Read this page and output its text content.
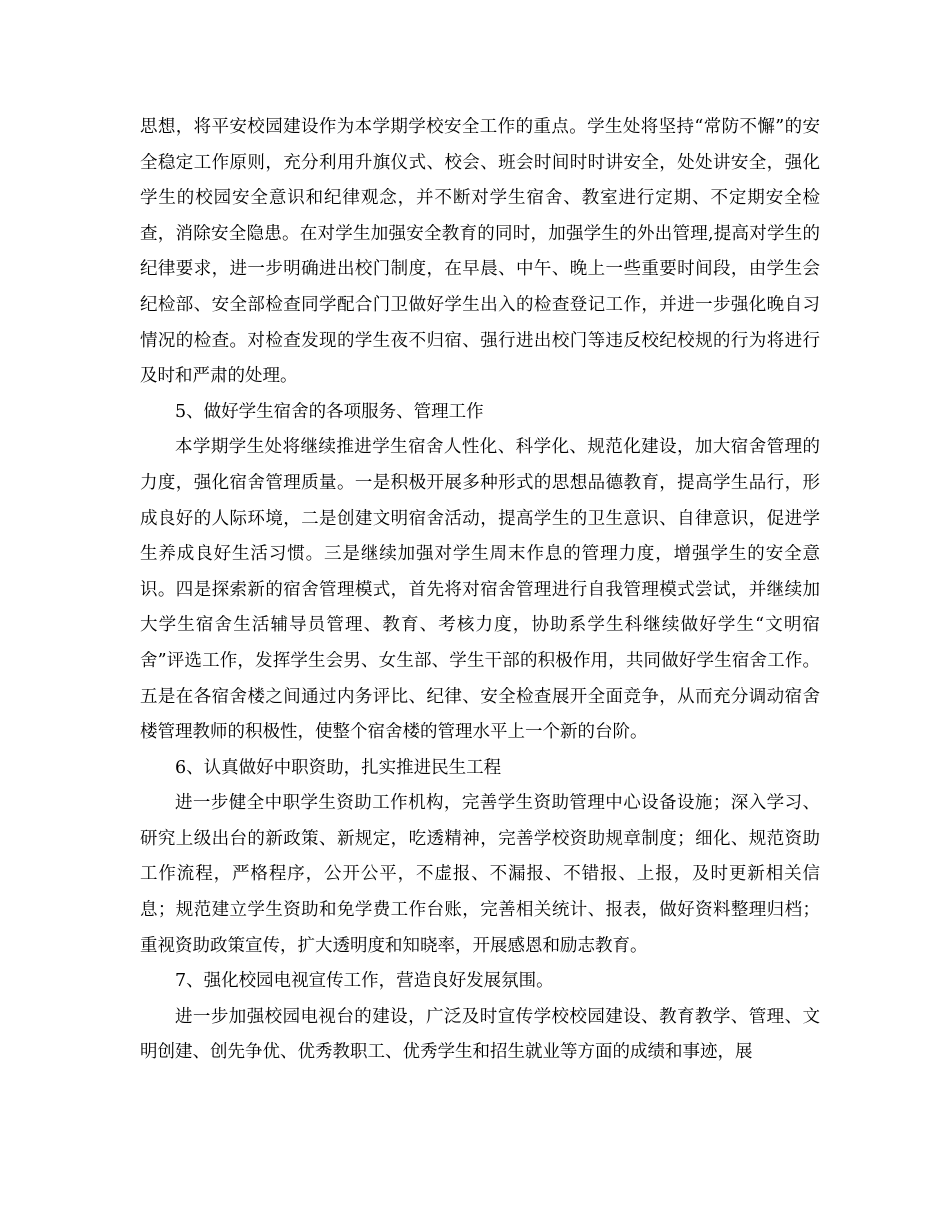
思想，将平安校园建设作为本学期学校安全工作的重点。学生处将坚持“常防不懈”的安全稳定工作原则，充分利用升旗仪式、校会、班会时间时时讲安全，处处讲安全，强化学生的校园安全意识和纪律观念，并不断对学生宿舍、教室进行定期、不定期安全检查，消除安全隐患。在对学生加强安全教育的同时，加强学生的外出管理,提高对学生的纪律要求，进一步明确进出校门制度，在早晨、中午、晚上一些重要时间段，由学生会纪检部、安全部检查同学配合门卫做好学生出入的检查登记工作，并进一步强化晚自习情况的检查。对检查发现的学生夜不归宿、强行进出校门等违反校纪校规的行为将进行及时和严肃的处理。

5、做好学生宿舍的各项服务、管理工作

本学期学生处将继续推进学生宿舍人性化、科学化、规范化建设，加大宿舍管理的力度，强化宿舍管理质量。一是积极开展多种形式的思想品德教育，提高学生品行，形成良好的人际环境，二是创建文明宿舍活动，提高学生的卫生意识、自律意识，促进学生养成良好生活习惯。三是继续加强对学生周末作息的管理力度，增强学生的安全意识。四是探索新的宿舍管理模式，首先将对宿舍管理进行自我管理模式尝试，并继续加大学生宿舍生活辅导员管理、教育、考核力度，协助系学生科继续做好学生“文明宿舍”评选工作，发挥学生会男、女生部、学生干部的积极作用，共同做好学生宿舍工作。五是在各宿舍楼之间通过内务评比、纪律、安全检查展开全面竞争，从而充分调动宿舍楼管理教师的积极性，使整个宿舍楼的管理水平上一个新的台阶。

6、认真做好中职资助，扎实推进民生工程

进一步健全中职学生资助工作机构，完善学生资助管理中心设备设施；深入学习、研究上级出台的新政策、新规定，吃透精神，完善学校资助规章制度；细化、规范资助工作流程，严格程序，公开公平，不虚报、不漏报、不错报、上报，及时更新相关信息；规范建立学生资助和免学费工作台账，完善相关统计、报表，做好资料整理归档；重视资助政策宣传，扩大透明度和知晓率，开展感恩和励志教育。

7、强化校园电视宣传工作，营造良好发展氛围。

进一步加强校园电视台的建设，广泛及时宣传学校校园建设、教育教学、管理、文明创建、创先争优、优秀教职工、优秀学生和招生就业等方面的成绩和事迹，展
